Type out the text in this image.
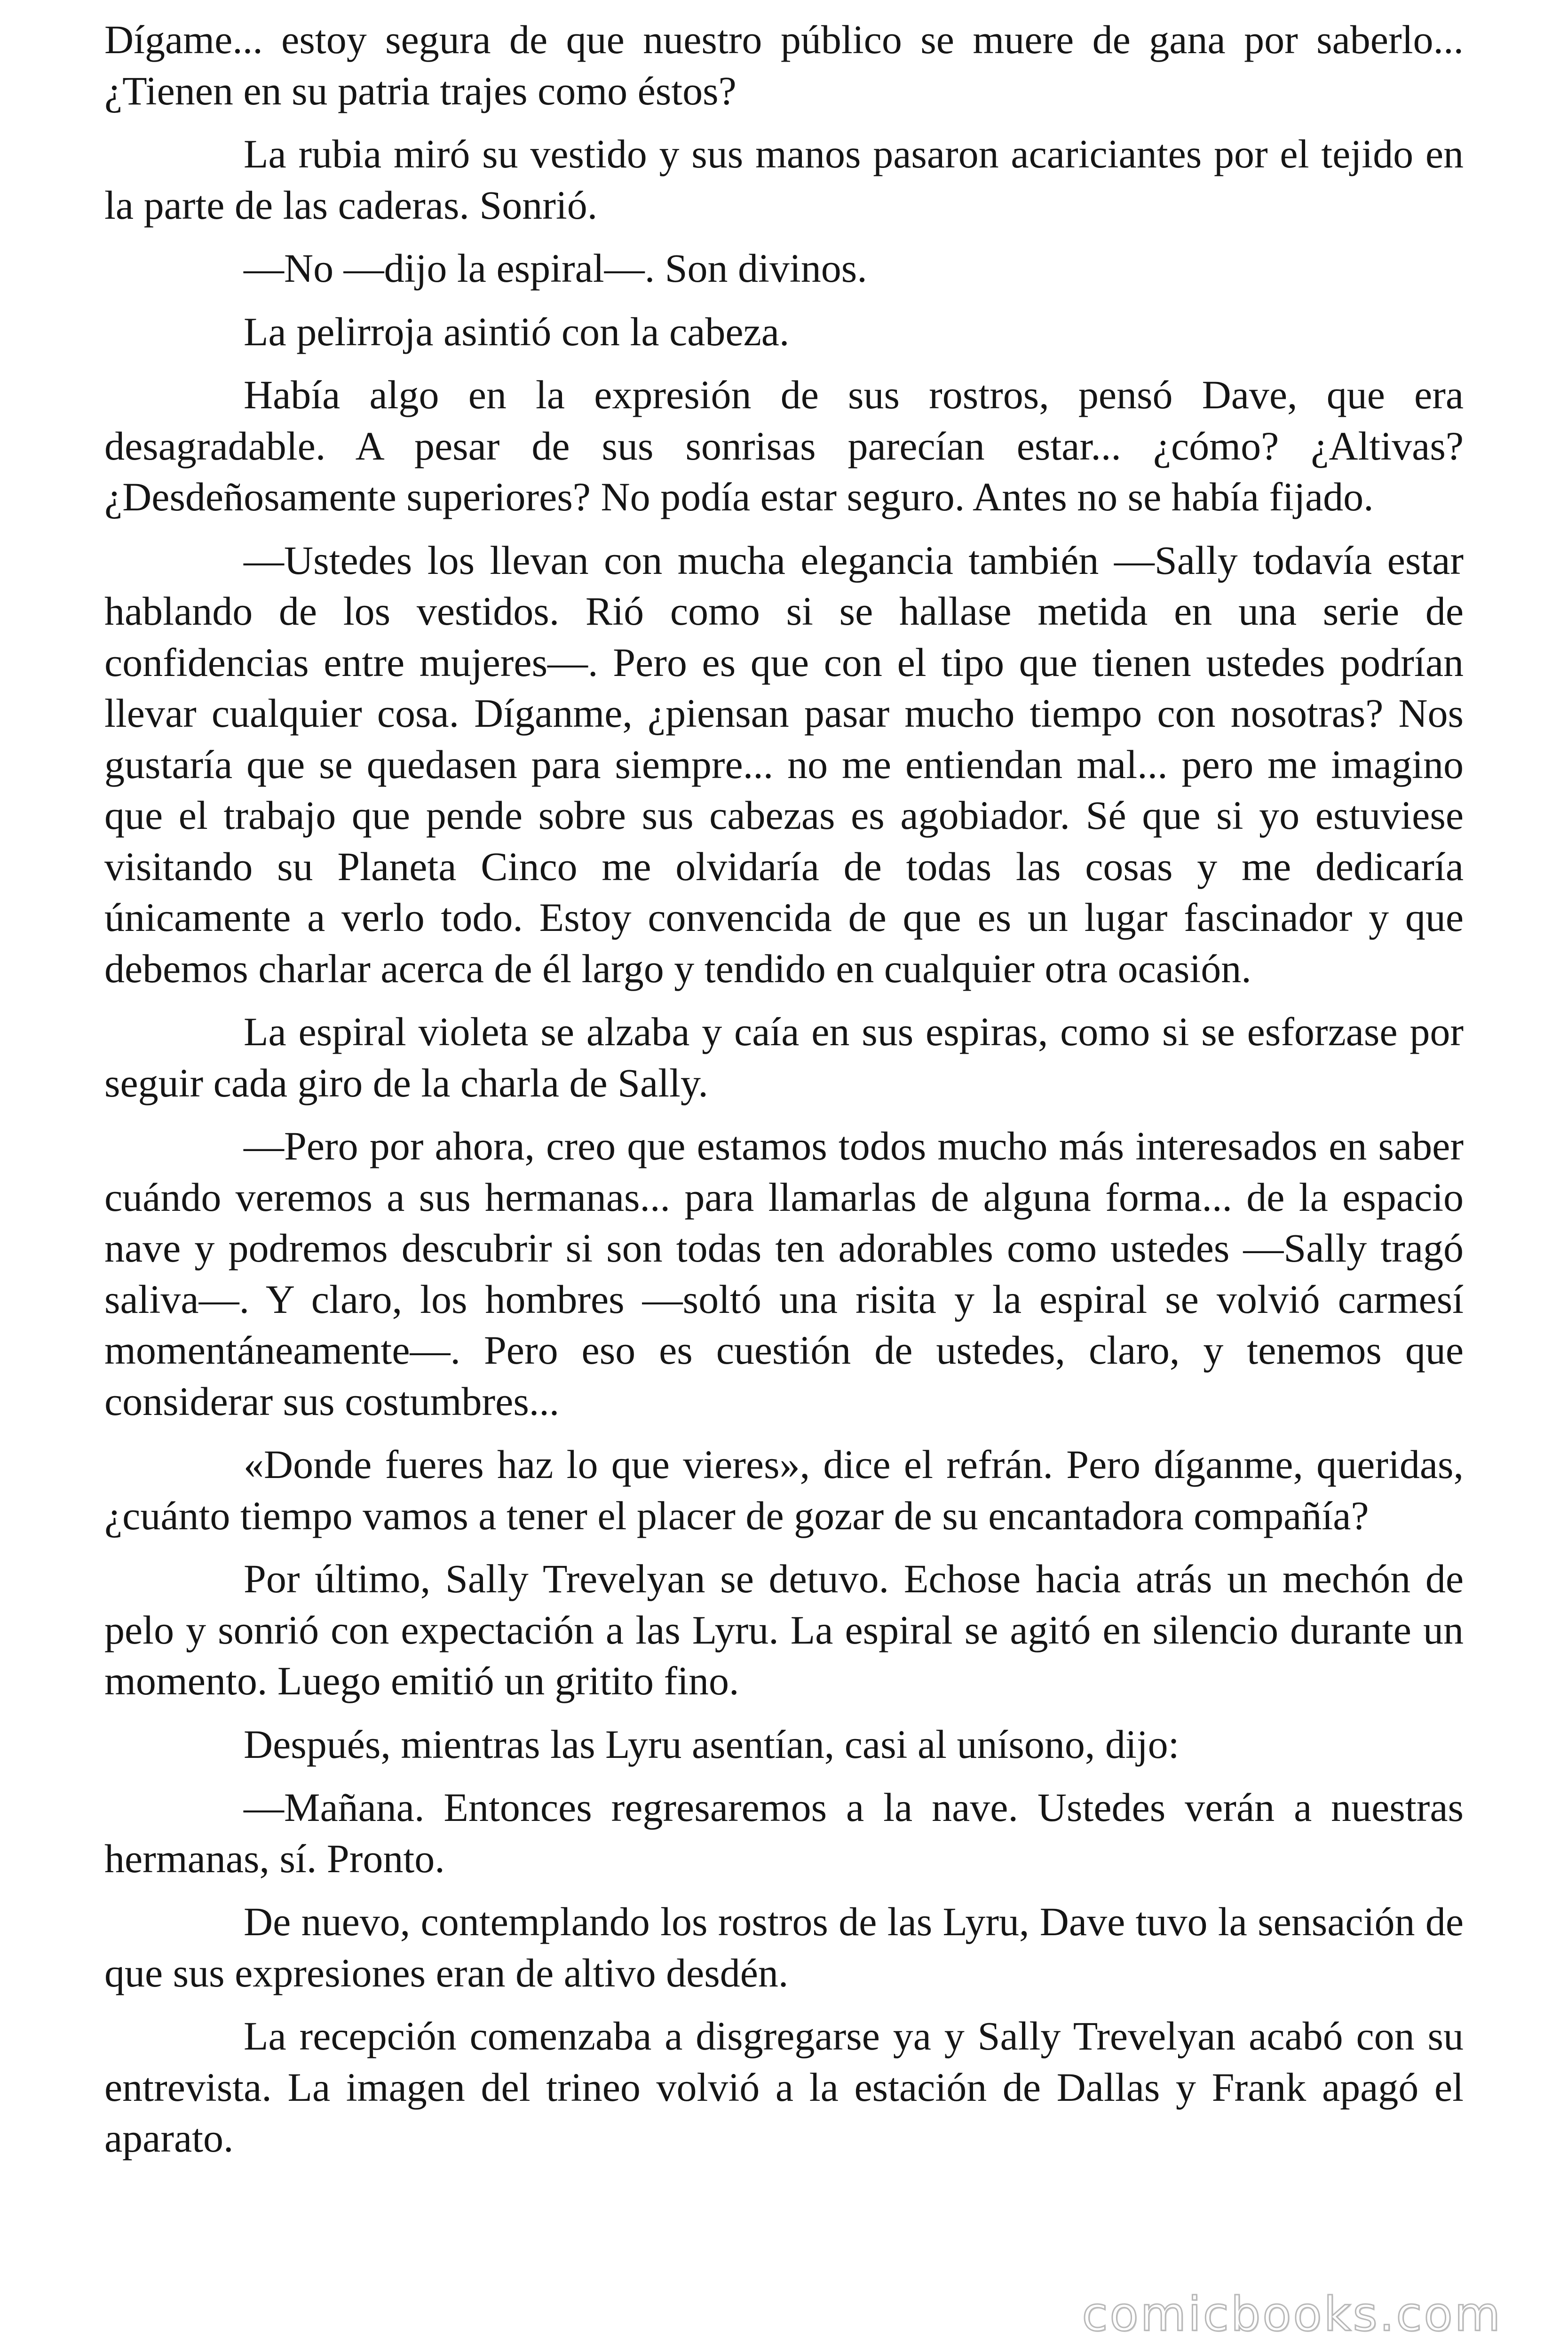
Dígame... estoy segura de que nuestro público se muere de gana por saberlo... ¿Tienen en su patria trajes como éstos?

La rubia miró su vestido y sus manos pasaron acariciantes por el tejido en la parte de las caderas. Sonrió.

—No —dijo la espiral—. Son divinos.

La pelirroja asintió con la cabeza.

Había algo en la expresión de sus rostros, pensó Dave, que era desagradable. A pesar de sus sonrisas parecían estar... ¿cómo? ¿Altivas? ¿Desdeñosamente superiores? No podía estar seguro. Antes no se había fijado.

—Ustedes los llevan con mucha elegancia también —Sally todavía estar hablando de los vestidos. Rió como si se hallase metida en una serie de confidencias entre mujeres—. Pero es que con el tipo que tienen ustedes podrían llevar cualquier cosa. Díganme, ¿piensan pasar mucho tiempo con nosotras? Nos gustaría que se quedasen para siempre... no me entiendan mal... pero me imagino que el trabajo que pende sobre sus cabezas es agobiador. Sé que si yo estuviese visitando su Planeta Cinco me olvidaría de todas las cosas y me dedicaría únicamente a verlo todo. Estoy convencida de que es un lugar fascinador y que debemos charlar acerca de él largo y tendido en cualquier otra ocasión.

La espiral violeta se alzaba y caía en sus espiras, como si se esforzase por seguir cada giro de la charla de Sally.

—Pero por ahora, creo que estamos todos mucho más interesados en saber cuándo veremos a sus hermanas... para llamarlas de alguna forma... de la espacio nave y podremos descubrir si son todas ten adorables como ustedes —Sally tragó saliva—. Y claro, los hombres —soltó una risita y la espiral se volvió carmesí momentáneamente—. Pero eso es cuestión de ustedes, claro, y tenemos que considerar sus costumbres...

«Donde fueres haz lo que vieres», dice el refrán. Pero díganme, queridas, ¿cuánto tiempo vamos a tener el placer de gozar de su encantadora compañía?

Por último, Sally Trevelyan se detuvo. Echose hacia atrás un mechón de pelo y sonrió con expectación a las Lyru. La espiral se agitó en silencio durante un momento. Luego emitió un gritito fino.

Después, mientras las Lyru asentían, casi al unísono, dijo:

—Mañana. Entonces regresaremos a la nave. Ustedes verán a nuestras hermanas, sí. Pronto.

De nuevo, contemplando los rostros de las Lyru, Dave tuvo la sensación de que sus expresiones eran de altivo desdén.

La recepción comenzaba a disgregarse ya y Sally Trevelyan acabó con su entrevista. La imagen del trineo volvió a la estación de Dallas y Frank apagó el aparato.

comicbooks.com
